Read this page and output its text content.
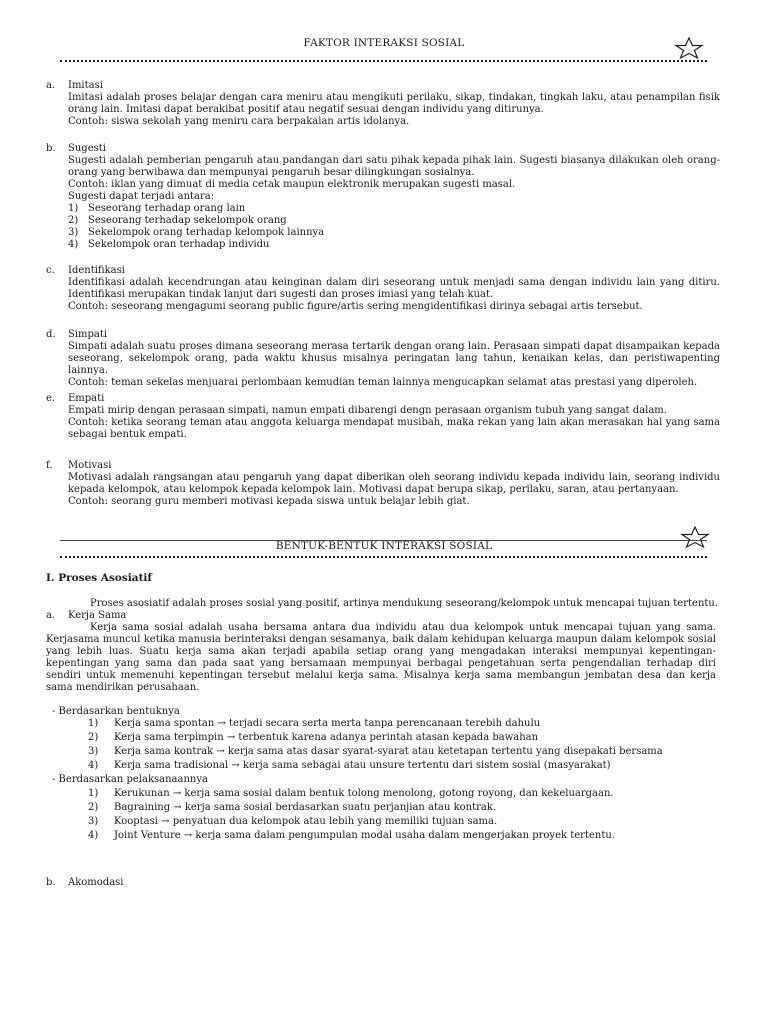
FAKTOR INTERAKSI SOSIAL
a.	Imitasi
Imitasi adalah proses belajar dengan cara meniru atau mengikuti perilaku, sikap, tindakan, tingkah laku, atau penampilan fisik orang lain. Imitasi dapat berakibat positif atau negatif sesuai dengan individu yang ditirunya.
Contoh: siswa sekolah yang meniru cara berpakaian artis idolanya.
b.	Sugesti
Sugesti adalah pemberian pengaruh atau pandangan dari satu pihak kepada pihak lain. Sugesti biasanya dilakukan oleh orang-orang yang berwibawa dan mempunyai pengaruh besar dilingkungan sosialnya.
Contoh: iklan yang dimuat di media cetak maupun elektronik merupakan sugesti masal.
Sugesti dapat terjadi antara:
1) Seseorang terhadap orang lain
2) Seseorang terhadap sekelompok orang
3) Sekelompok orang terhadap kelompok lainnya
4) Sekelompok oran terhadap individu
c.	Identifikasi
Identifikasi adalah kecendrungan atau keinginan dalam diri seseorang untuk menjadi sama dengan individu lain yang ditiru. Identifikasi merupakan tindak lanjut dari sugesti dan proses imiasi yang telah kuat.
Contoh: seseorang mengagumi seorang public figure/artis sering mengidentifikasi dirinya sebagai artis tersebut.
d.	Simpati
Simpati adalah suatu proses dimana seseorang merasa tertarik dengan orang lain. Perasaan simpati dapat disampaikan kepada seseorang, sekelompok orang, pada waktu khusus misalnya peringatan lang tahun, kenaikan kelas, dan peristiwapenting lainnya.
Contoh: teman sekelas menjuarai perlombaan kemudian teman lainnya mengucapkan selamat atas prestasi yang diperoleh.
e.	Empati
Empati mirip dengan perasaan simpati, namun empati dibarengi dengn perasaan organism tubuh yang sangat dalam.
Contoh: ketika seorang teman atau anggota keluarga mendapat musibah, maka rekan yang lain akan merasakan hal yang sama sebagai bentuk empati.
f.	Motivasi
Motivasi adalah rangsangan atau pengaruh yang dapat diberikan oleh seorang individu kepada individu lain, seorang individu kepada kelompok, atau kelompok kepada kelompok lain. Motivasi dapat berupa sikap, perilaku, saran, atau pertanyaan.
Contoh: seorang guru memberi motivasi kepada siswa untuk belajar lebih giat.
BENTUK-BENTUK INTERAKSI SOSIAL
I. Proses Asosiatif
Proses asosiatif adalah proses sosial yang positif, artinya mendukung seseorang/kelompok untuk mencapai tujuan tertentu.
a.	Kerja Sama
Kerja sama sosial adalah usaha bersama antara dua individu atau dua kelompok untuk mencapai tujuan yang sama. Kerjasama muncul ketika manusia berinteraksi dengan sesamanya, baik dalam kehidupan keluarga maupun dalam kelompok sosial yang lebih luas. Suatu kerja sama akan terjadi apabila setiap orang yang mengadakan interaksi mempunyai kepentingan-kepentingan yang sama dan pada saat yang bersamaan mempunyai berbagai pengetahuan serta pengendalian terhadap diri sendiri untuk memenuhi kepentingan tersebut melalui kerja sama. Misalnya kerja sama membangun jembatan desa dan kerja sama mendirikan perusahaan.
- Berdasarkan bentuknya
1) Kerja sama spontan → terjadi secara serta merta tanpa perencanaan terebih dahulu
2) Kerja sama terpimpin → terbentuk karena adanya perintah atasan kepada bawahan
3) Kerja sama kontrak → kerja sama atas dasar syarat-syarat atau ketetapan tertentu yang disepakati bersama
4) Kerja sama tradisional → kerja sama sebagai atau unsure tertentu dari sistem sosial (masyarakat)
- Berdasarkan pelaksanaannya
1) Kerukunan → kerja sama sosial dalam bentuk tolong menolong, gotong royong, dan kekeluargaan.
2) Bagraining → kerja sama sosial berdasarkan suatu perjanjian atau kontrak.
3) Kooptasi → penyatuan dua kelompok atau lebih yang memiliki tujuan sama.
4) Joint Venture → kerja sama dalam pengumpulan modal usaha dalam mengerjakan proyek tertentu.
b.	Akomodasi
